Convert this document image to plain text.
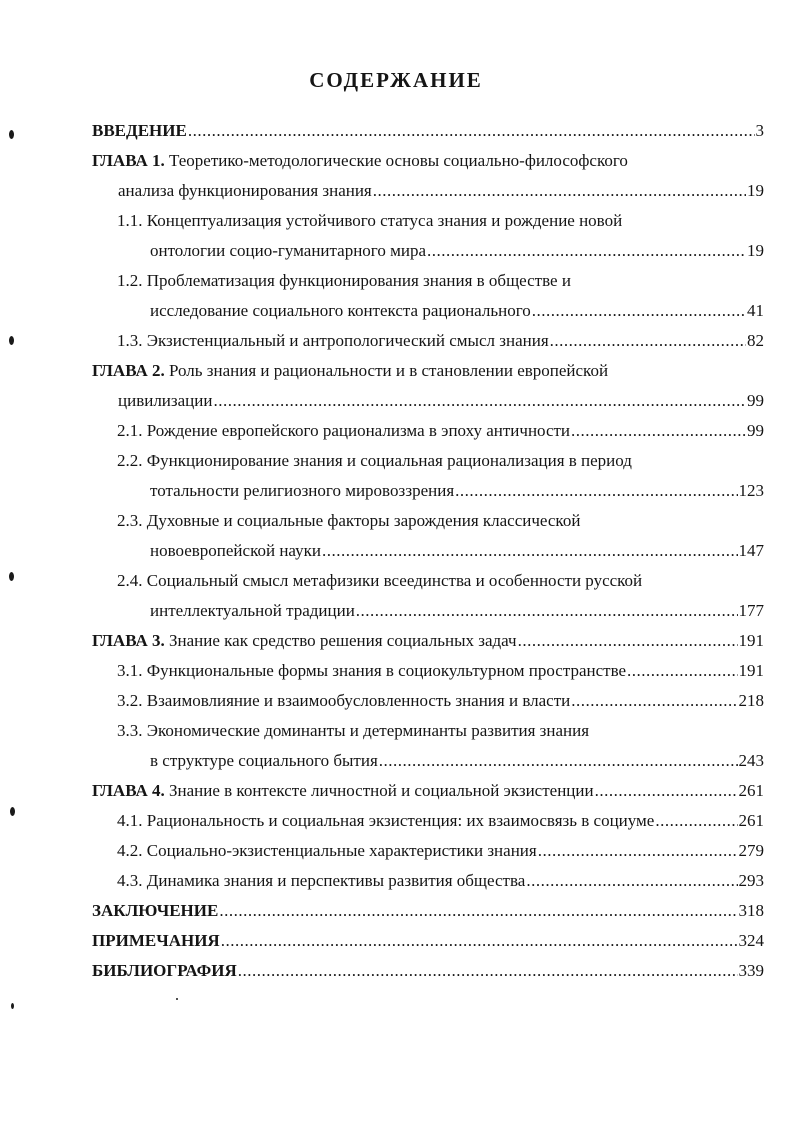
СОДЕРЖАНИЕ
ВВЕДЕНИЕ .....	3
ГЛАВА 1. Теоретико-методологические основы социально-философского
анализа функционирования знания .....	19
1.1. Концептуализация устойчивого статуса знания и рождение новой
онтологии социо-гуманитарного мира .....	19
1.2. Проблематизация функционирования знания в обществе и
исследование социального контекста рационального .....	41
1.3. Экзистенциальный и антропологический смысл знания .....	82
ГЛАВА 2. Роль знания и рациональности и в становлении европейской
цивилизации .....	99
2.1. Рождение европейского рационализма в эпоху античности .....	99
2.2. Функционирование знания и социальная рационализация в период
тотальности религиозного мировоззрения .....	123
2.3. Духовные и социальные факторы зарождения классической
новоевропейской науки .....	147
2.4. Социальный смысл метафизики всеединства и особенности русской
интеллектуальной традиции .....	177
ГЛАВА 3. Знание как средство решения социальных задач .....	191
3.1. Функциональные формы знания в социокультурном пространстве .....	191
3.2. Взаимовлияние и взаимообусловленность знания и власти .....	218
3.3. Экономические доминанты и детерминанты развития знания
в структуре социального бытия .....	243
ГЛАВА 4. Знание в контексте личностной и социальной экзистенции .....	261
4.1. Рациональность и социальная экзистенция: их взаимосвязь в социуме .....	261
4.2. Социально-экзистенциальные характеристики знания .....	279
4.3. Динамика знания и перспективы развития общества .....	293
ЗАКЛЮЧЕНИЕ .....	318
ПРИМЕЧАНИЯ .....	324
БИБЛИОГРАФИЯ .....	339
